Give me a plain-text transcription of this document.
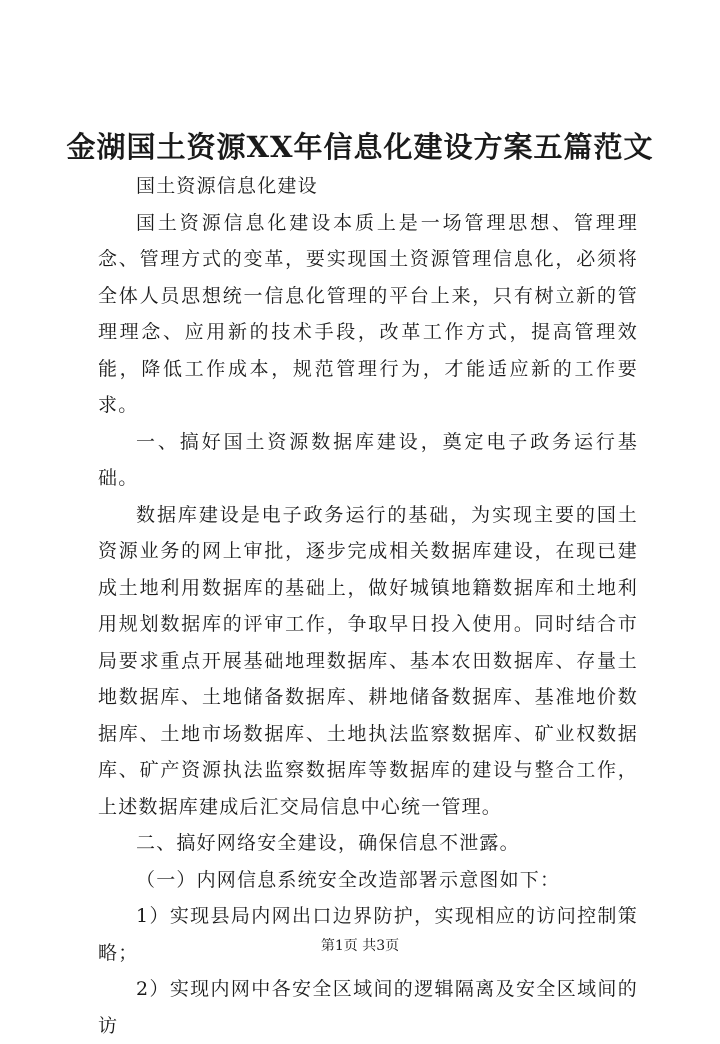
金湖国土资源XX年信息化建设方案五篇范文

国土资源信息化建设

国土资源信息化建设本质上是一场管理思想、管理理念、管理方式的变革，要实现国土资源管理信息化，必须将全体人员思想统一信息化管理的平台上来，只有树立新的管理理念、应用新的技术手段，改革工作方式，提高管理效能，降低工作成本，规范管理行为，才能适应新的工作要求。

一、搞好国土资源数据库建设，奠定电子政务运行基础。

数据库建设是电子政务运行的基础，为实现主要的国土资源业务的网上审批，逐步完成相关数据库建设，在现已建成土地利用数据库的基础上，做好城镇地籍数据库和土地利用规划数据库的评审工作，争取早日投入使用。同时结合市局要求重点开展基础地理数据库、基本农田数据库、存量土地数据库、土地储备数据库、耕地储备数据库、基准地价数据库、土地市场数据库、土地执法监察数据库、矿业权数据库、矿产资源执法监察数据库等数据库的建设与整合工作，上述数据库建成后汇交局信息中心统一管理。

二、搞好网络安全建设，确保信息不泄露。

（一）内网信息系统安全改造部署示意图如下：

1）实现县局内网出口边界防护，实现相应的访问控制策略；

2）实现内网中各安全区域间的逻辑隔离及安全区域间的访

第1页 共3页
